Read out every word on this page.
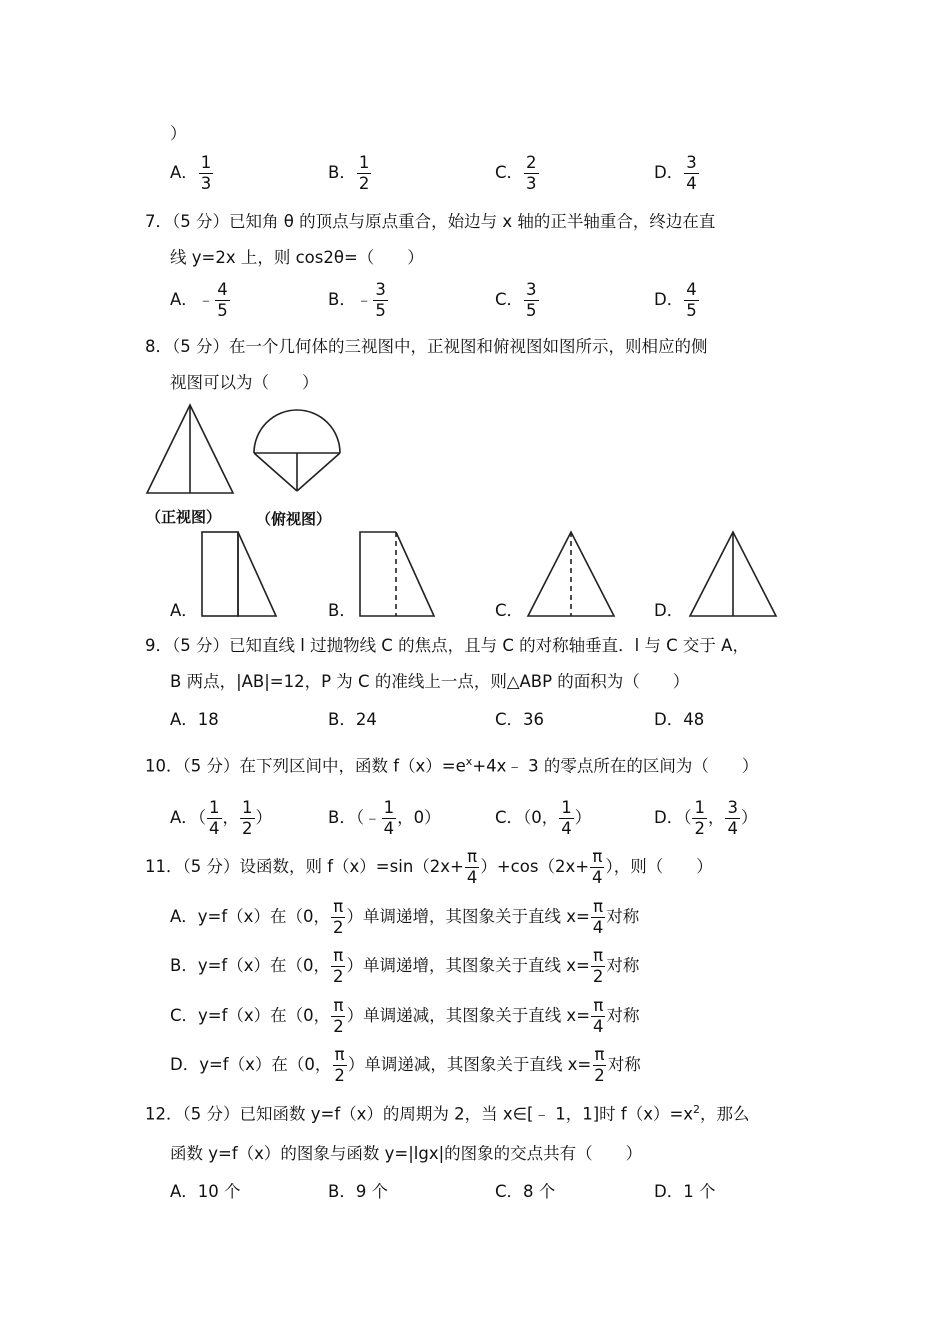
）
A． $\frac{1}{3}$	B． $\frac{1}{2}$	C． $\frac{2}{3}$	D． $\frac{3}{4}$
7．（5 分）已知角 θ 的顶点与原点重合，始边与 x 轴的正半轴重合，终边在直
线 y=2x 上，则 cos2θ=（　　）
A．﹣ $\frac{4}{5}$	B．﹣ $\frac{3}{5}$	C． $\frac{3}{5}$	D． $\frac{4}{5}$
8．（5 分）在一个几何体的三视图中，正视图和俯视图如图所示，则相应的侧
视图可以为（　　）
（正视图） （俯视图）
A．	B．	C．	D．
9．（5 分）已知直线 l 过抛物线 C 的焦点，且与 C 的对称轴垂直．l 与 C 交于 A，
B 两点，|AB|=12，P 为 C 的准线上一点，则△ABP 的面积为（　　）
A．18	B．24	C．36	D．48
10．（5 分）在下列区间中，函数 $f(x)=e^x+4x﹣$ 3 的零点所在的区间为（　　）
A．（ $\frac{1}{4}$ ， $\frac{1}{2}$ ）	B．（﹣ $\frac{1}{4}$ ，0）	C．（0， $\frac{1}{4}$ ）	D．（ $\frac{1}{2}$ ， $\frac{3}{4}$ ）
11．（5 分）设函数，则 $f(x)=\sin(2x+ \frac{\pi}{4} )+\cos(2x+ \frac{\pi}{4}$ ），则（　　）
A．y=f（x）在（0， $\frac{\pi}{2}$ ）单调递增，其图象关于直线 $x= \frac{\pi}{4}$ 对称
B．y=f（x）在（0， $\frac{\pi}{2}$ ）单调递增，其图象关于直线 $x= \frac{\pi}{2}$ 对称
C．y=f（x）在（0， $\frac{\pi}{2}$ ）单调递减，其图象关于直线 $x= \frac{\pi}{4}$ 对称
D．y=f（x）在（0， $\frac{\pi}{2}$ ）单调递减，其图象关于直线 $x= \frac{\pi}{2}$ 对称
12．（5 分）已知函数 y=f（x）的周期为 2，当 x∈[﹣ 1，1]时 $f(x)=x^2$，那么
函数 y=f（x）的图象与函数 y=|lgx|的图象的交点共有（　　）
A．10 个	B．9 个	C．8 个	D．1 个
